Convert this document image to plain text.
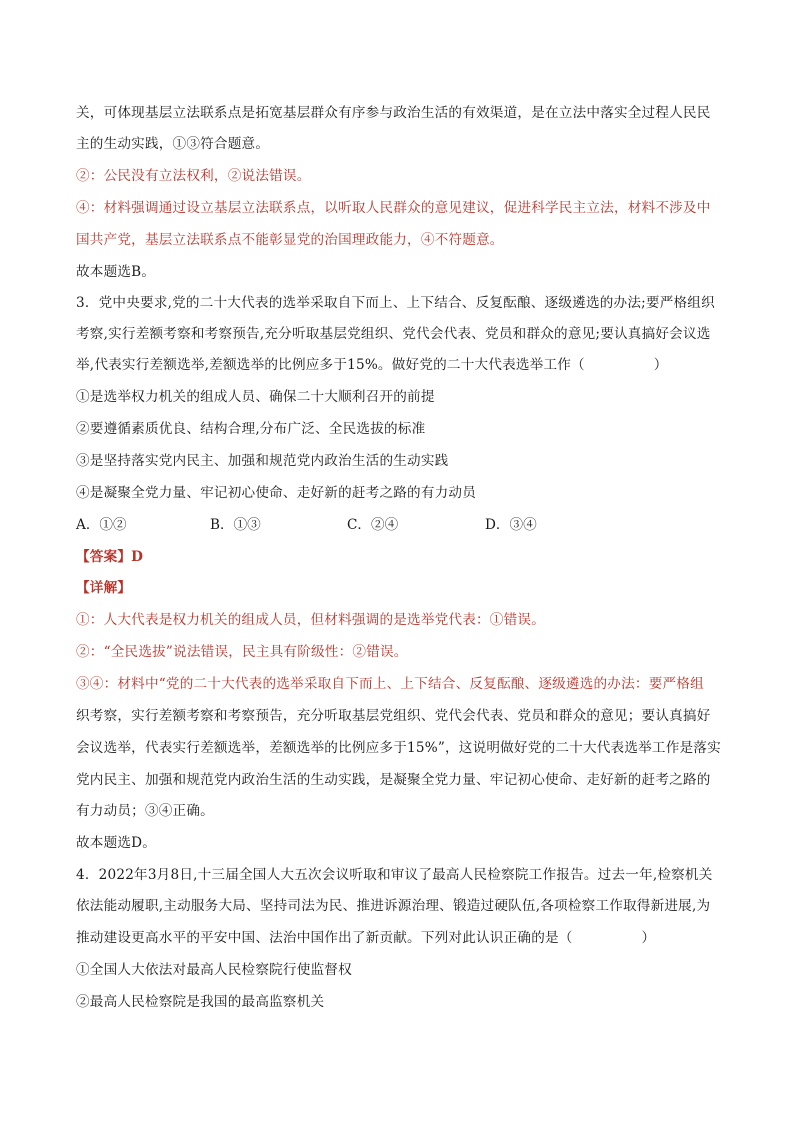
关，可体现基层立法联系点是拓宽基层群众有序参与政治生活的有效渠道，是在立法中落实全过程人民民
主的生动实践，①③符合题意。
②：公民没有立法权利，②说法错误。
④：材料强调通过设立基层立法联系点，以听取人民群众的意见建议，促进科学民主立法，材料不涉及中
国共产党，基层立法联系点不能彰显党的治国理政能力，④不符题意。
故本题选B。
3．党中央要求,党的二十大代表的选举采取自下而上、上下结合、反复酝酿、逐级遴选的办法;要严格组织
考察,实行差额考察和考察预告,充分听取基层党组织、党代会代表、党员和群众的意见;要认真搞好会议选
举,代表实行差额选举,差额选举的比例应多于15%。做好党的二十大代表选举工作（　　　　　）
①是选举权力机关的组成人员、确保二十大顺利召开的前提
②要遵循素质优良、结构合理,分布广泛、全民选拔的标准
③是坚持落实党内民主、加强和规范党内政治生活的生动实践
④是凝聚全党力量、牢记初心使命、走好新的赶考之路的有力动员
A．①②	B．①③	C．②④	D．③④
【答案】D
【详解】
①：人大代表是权力机关的组成人员，但材料强调的是选举党代表：①错误。
②：“全民选拔”说法错误，民主具有阶级性：②错误。
③④：材料中“党的二十大代表的选举采取自下而上、上下结合、反复酝酿、逐级遴选的办法：要严格组
织考察，实行差额考察和考察预告，充分听取基层党组织、党代会代表、党员和群众的意见；要认真搞好
会议选举，代表实行差额选举，差额选举的比例应多于15%”，这说明做好党的二十大代表选举工作是落实
党内民主、加强和规范党内政治生活的生动实践，是凝聚全党力量、牢记初心使命、走好新的赶考之路的
有力动员；③④正确。
故本题选D。
4．2022年3月8日,十三届全国人大五次会议听取和审议了最高人民检察院工作报告。过去一年,检察机关
依法能动履职,主动服务大局、坚持司法为民、推进诉源治理、锻造过硬队伍,各项检察工作取得新进展,为
推动建设更高水平的平安中国、法治中国作出了新贡献。下列对此认识正确的是（　　　　　）
①全国人大依法对最高人民检察院行使监督权
②最高人民检察院是我国的最高监察机关
